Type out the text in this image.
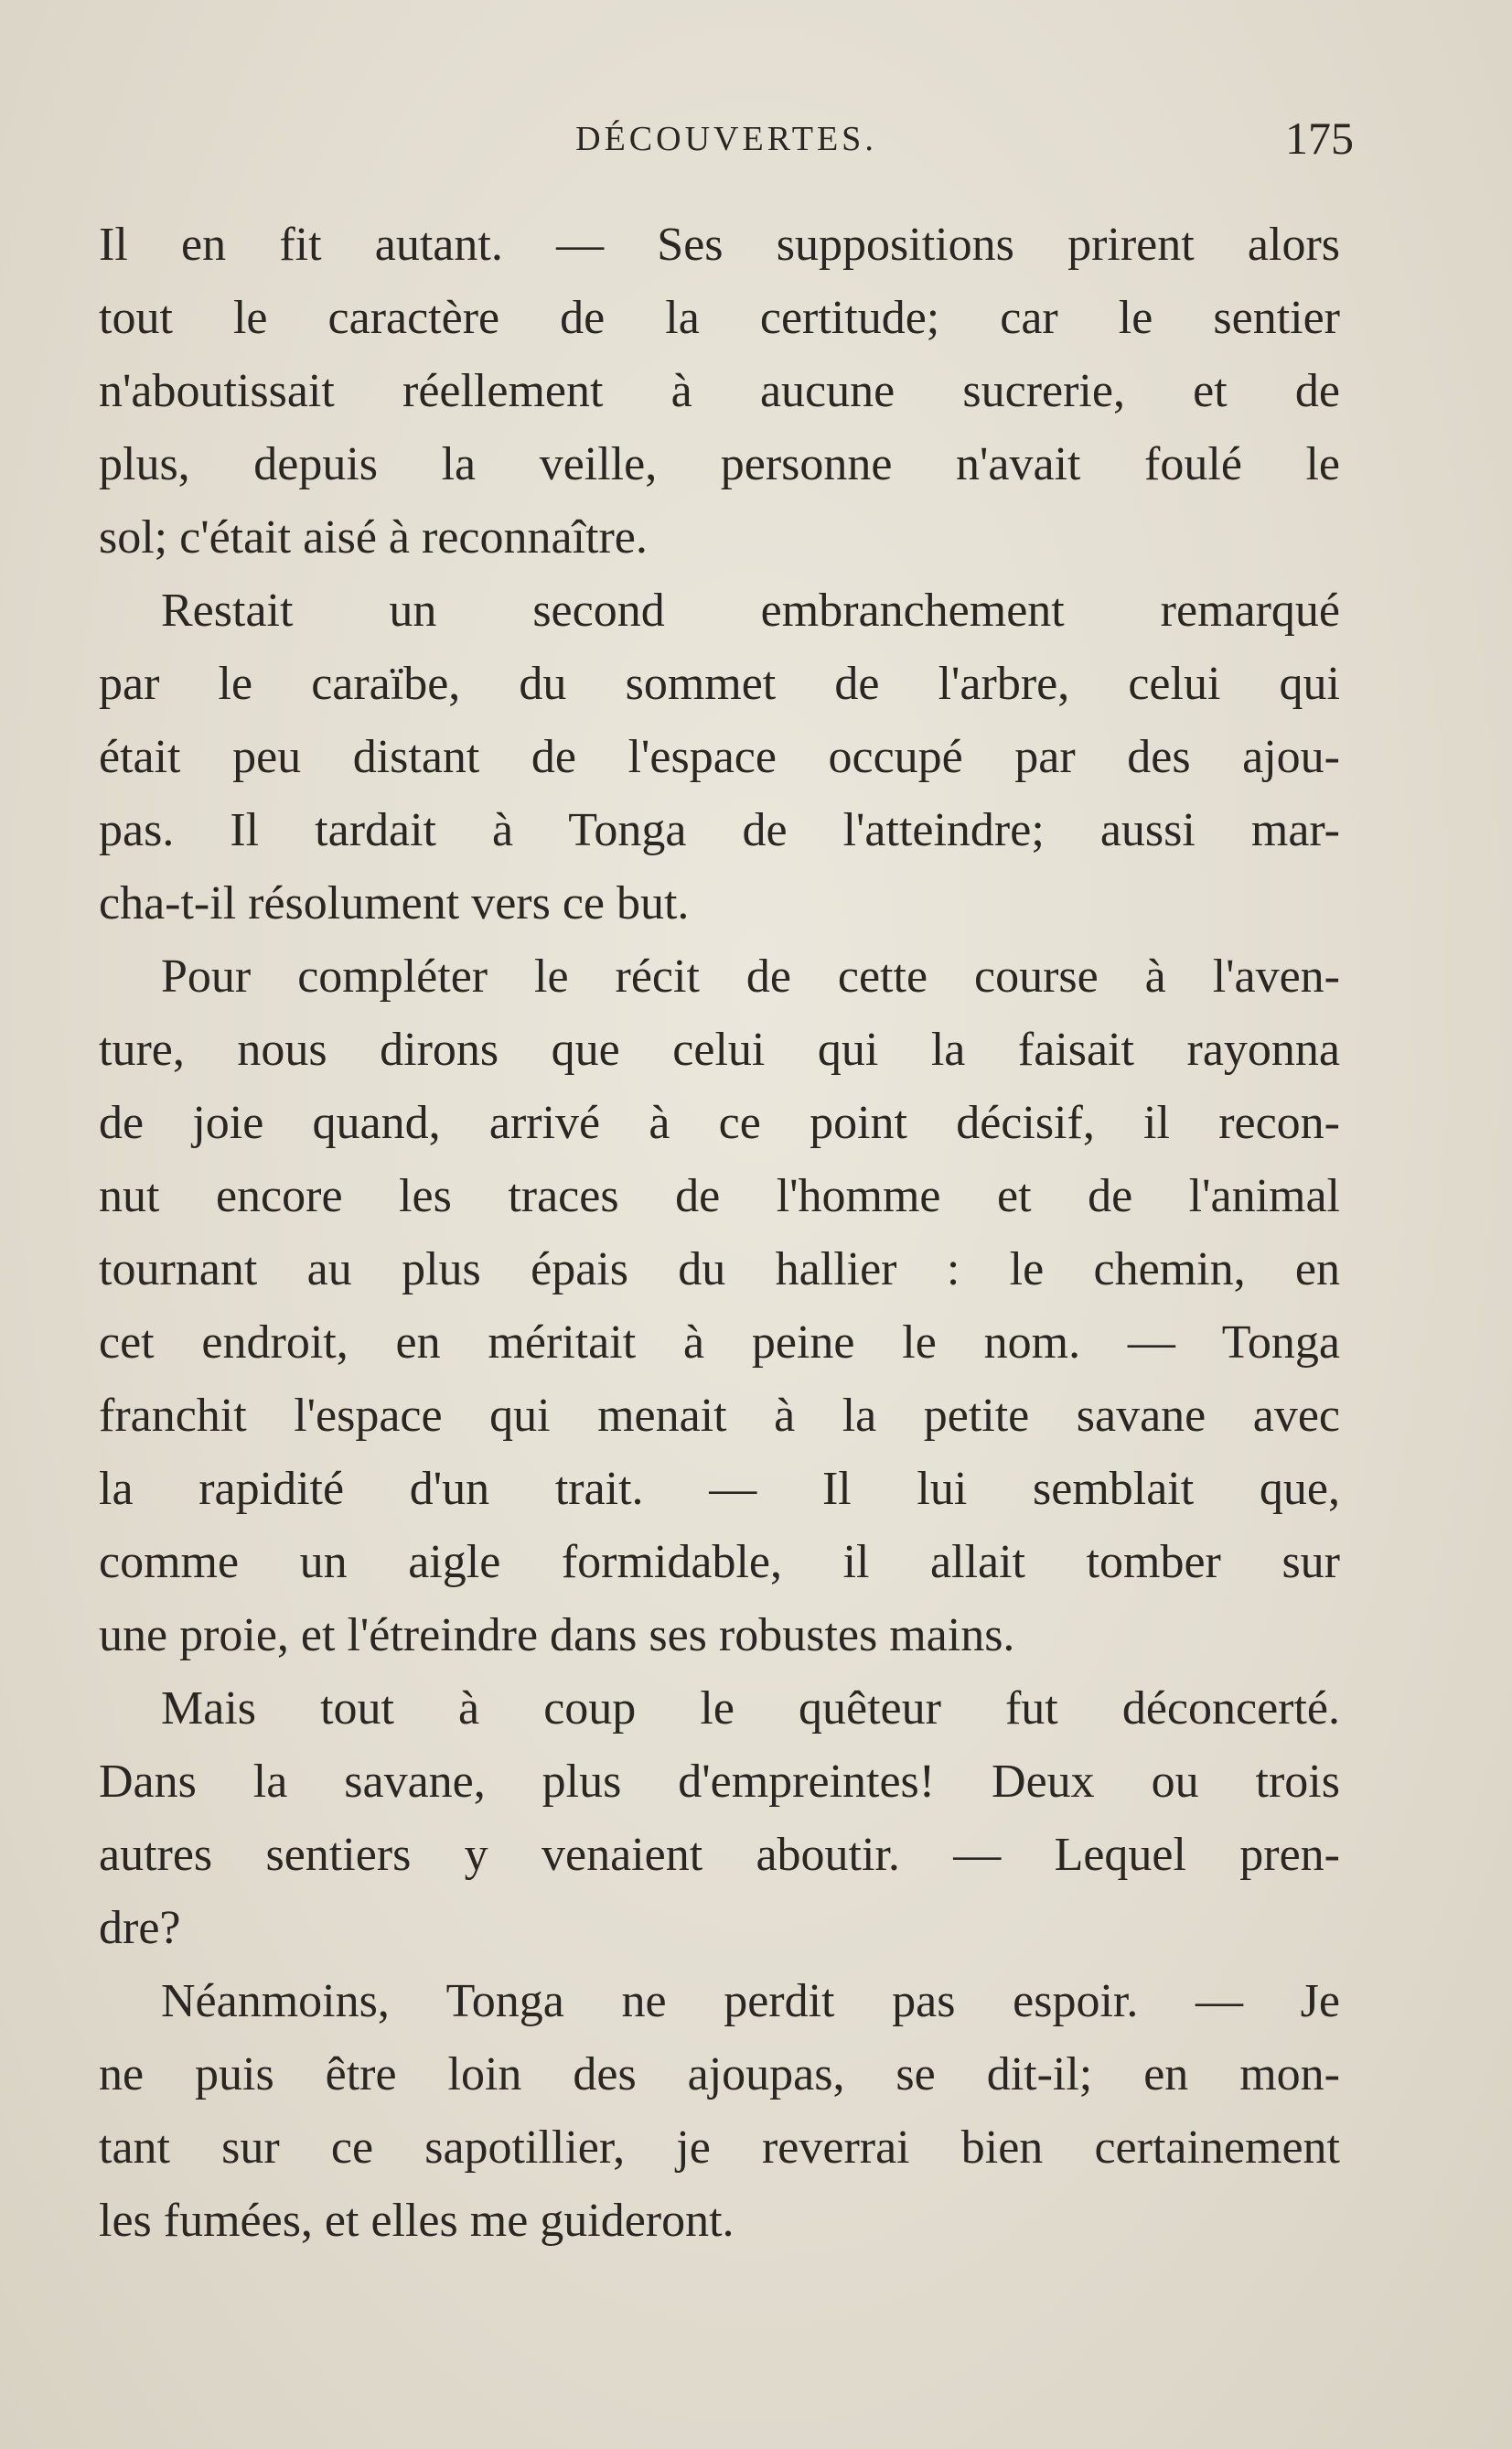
DÉCOUVERTES.	175
Il en fit autant. — Ses suppositions prirent alors
tout le caractère de la certitude; car le sentier
n'aboutissait réellement à aucune sucrerie, et de
plus, depuis la veille, personne n'avait foulé le
sol; c'était aisé à reconnaître.
Restait un second embranchement remarqué
par le caraïbe, du sommet de l'arbre, celui qui
était peu distant de l'espace occupé par des ajou-
pas. Il tardait à Tonga de l'atteindre; aussi mar-
cha-t-il résolument vers ce but.
Pour compléter le récit de cette course à l'aven-
ture, nous dirons que celui qui la faisait rayonna
de joie quand, arrivé à ce point décisif, il recon-
nut encore les traces de l'homme et de l'animal
tournant au plus épais du hallier : le chemin, en
cet endroit, en méritait à peine le nom. — Tonga
franchit l'espace qui menait à la petite savane avec
la rapidité d'un trait. — Il lui semblait que,
comme un aigle formidable, il allait tomber sur
une proie, et l'étreindre dans ses robustes mains.
Mais tout à coup le quêteur fut déconcerté.
Dans la savane, plus d'empreintes! Deux ou trois
autres sentiers y venaient aboutir. — Lequel pren-
dre?
Néanmoins, Tonga ne perdit pas espoir. — Je
ne puis être loin des ajoupas, se dit-il; en mon-
tant sur ce sapotillier, je reverrai bien certainement
les fumées, et elles me guideront.
